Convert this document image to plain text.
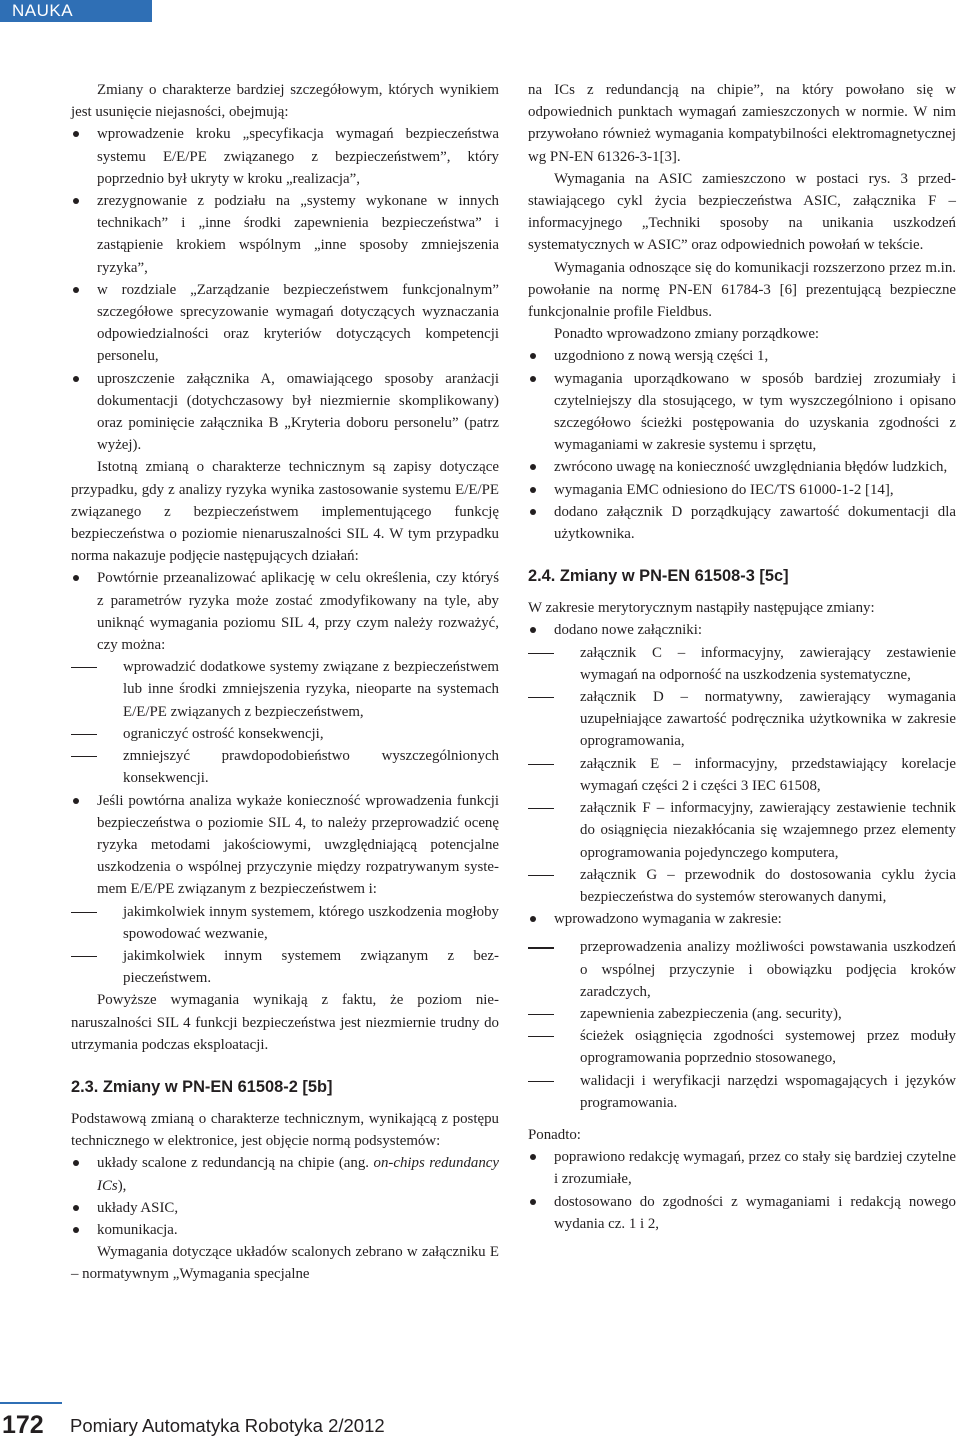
NAUKA

Zmiany o charakterze bardziej szczegółowym, których wynikiem jest usunięcie niejasności, obejmują:

wprowadzenie kroku „specyfikacja wymagań bezpieczeństwa systemu E/E/PE związanego z bezpieczeństwem”, który poprzednio był ukryty w kroku „realizacja”,
zrezygnowanie z podziału na „systemy wykonane w innych technikach” i „inne środki zapewnienia bezpieczeństwa” i zastąpienie krokiem wspólnym „inne sposoby zmniejszenia ryzyka”,
w rozdziale „Zarządzanie bezpieczeństwem funkcjonalnym” szczegółowe sprecyzowanie wymagań dotyczących wyznaczania odpowiedzialności oraz kryteriów dotyczących kompetencji personelu,
uproszczenie załącznika A, omawiającego sposoby aranżacji dokumentacji (dotychczasowy był niezmiernie skomplikowany) oraz pominięcie załącznika B „Kryteria doboru personelu” (patrz wyżej).

Istotną zmianą o charakterze technicznym są zapisy dotyczące przypadku, gdy z analizy ryzyka wynika zastosowanie systemu E/E/PE związanego z bezpieczeństwem implementującego funkcję bezpieczeństwa o poziomie nienaruszalności SIL 4. W tym przypadku norma nakazuje podjęcie następujących działań:

Powtórnie przeanalizować aplikację w celu określenia, czy któryś z parametrów ryzyka może zostać zmodyfikowany na tyle, aby uniknąć wymagania poziomu SIL 4, przy czym należy rozważyć, czy można:
wprowadzić dodatkowe systemy związane z bezpieczeństwem lub inne środki zmniejszenia ryzyka, nieoparte na systemach E/E/PE związanych z bezpieczeństwem,
ograniczyć ostrość konsekwencji,
zmniejszyć prawdopodobieństwo wyszczególnionych konsekwencji.
Jeśli powtórna analiza wykaże konieczność wprowadzenia funkcji bezpieczeństwa o poziomie SIL 4, to należy przeprowadzić ocenę ryzyka metodami jakościowymi, uwzględniającą potencjalne uszkodzenia o wspólnej przyczynie między rozpatrywanym systemem E/E/PE związanym z bezpieczeństwem i:
jakimkolwiek innym systemem, którego uszkodzenia mogłoby spowodować wezwanie,
jakimkolwiek innym systemem związanym z bezpieczeństwem.

Powyższe wymagania wynikają z faktu, że poziom nienaruszalności SIL 4 funkcji bezpieczeństwa jest niezmiernie trudny do utrzymania podczas eksploatacji.

2.3. Zmiany w PN-EN 61508-2 [5b]

Podstawową zmianą o charakterze technicznym, wynikającą z postępu technicznego w elektronice, jest objęcie normą podsystemów:

układy scalone z redundancją na chipie (ang. on-chips redundancy ICs),
układy ASIC,
komunikacja.

Wymagania dotyczące układów scalonych zebrano w załączniku E – normatywnym „Wymagania specjalne

na ICs z redundancją na chipie”, na który powołano się w odpowiednich punktach wymagań zamieszczonych w normie. W nim przywołano również wymagania kompatybilności elektromagnetycznej wg PN-EN 61326-3-1[3].

Wymagania na ASIC zamieszczono w postaci rys. 3 przedstawiającego cykl życia bezpieczeństwa ASIC, załącznika F – informacyjnego „Techniki sposoby na unikania uszkodzeń systematycznych w ASIC” oraz odpowiednich powołań w tekście.

Wymagania odnoszące się do komunikacji rozszerzono przez m.in. powołanie na normę PN-EN 61784-3 [6] prezentującą bezpieczne funkcjonalnie profile Fieldbus.

Ponadto wprowadzono zmiany porządkowe:

uzgodniono z nową wersją części 1,
wymagania uporządkowano w sposób bardziej zrozumiały i czytelniejszy dla stosującego, w tym wyszczególniono i opisano szczegółowo ścieżki postępowania do uzyskania zgodności z wymaganiami w zakresie systemu i sprzętu,
zwrócono uwagę na konieczność uwzględniania błędów ludzkich,
wymagania EMC odniesiono do IEC/TS 61000-1-2 [14],
dodano załącznik D porządkujący zawartość dokumentacji dla użytkownika.
2.4. Zmiany w PN-EN 61508-3 [5c]

W zakresie merytorycznym nastąpiły następujące zmiany:

dodano nowe załączniki:
załącznik C – informacyjny, zawierający zestawienie wymagań na odporność na uszkodzenia systematyczne,
załącznik D – normatywny, zawierający wymagania uzupełniające zawartość podręcznika użytkownika w zakresie oprogramowania,
załącznik E – informacyjny, przedstawiający korelacje wymagań części 2 i części 3 IEC 61508,
załącznik F – informacyjny, zawierający zestawienie technik do osiągnięcia niezakłócania się wzajemnego przez elementy oprogramowania pojedynczego komputera,
załącznik G – przewodnik do dostosowania cyklu życia bezpieczeństwa do systemów sterowanych danymi,
wprowadzono wymagania w zakresie:
przeprowadzenia analizy możliwości powstawania uszkodzeń o wspólnej przyczynie i obowiązku podjęcia kroków zaradczych,
zapewnienia zabezpieczenia (ang. security),
ścieżek osiągnięcia zgodności systemowej przez moduły oprogramowania poprzednio stosowanego,
walidacji i weryfikacji narzędzi wspomagających i języków programowania.

Ponadto:

poprawiono redakcję wymagań, przez co stały się bardziej czytelne i zrozumiałe,
dostosowano do zgodności z wymaganiami i redakcją nowego wydania cz. 1 i 2,
172 Pomiary Automatyka Robotyka 2/2012
